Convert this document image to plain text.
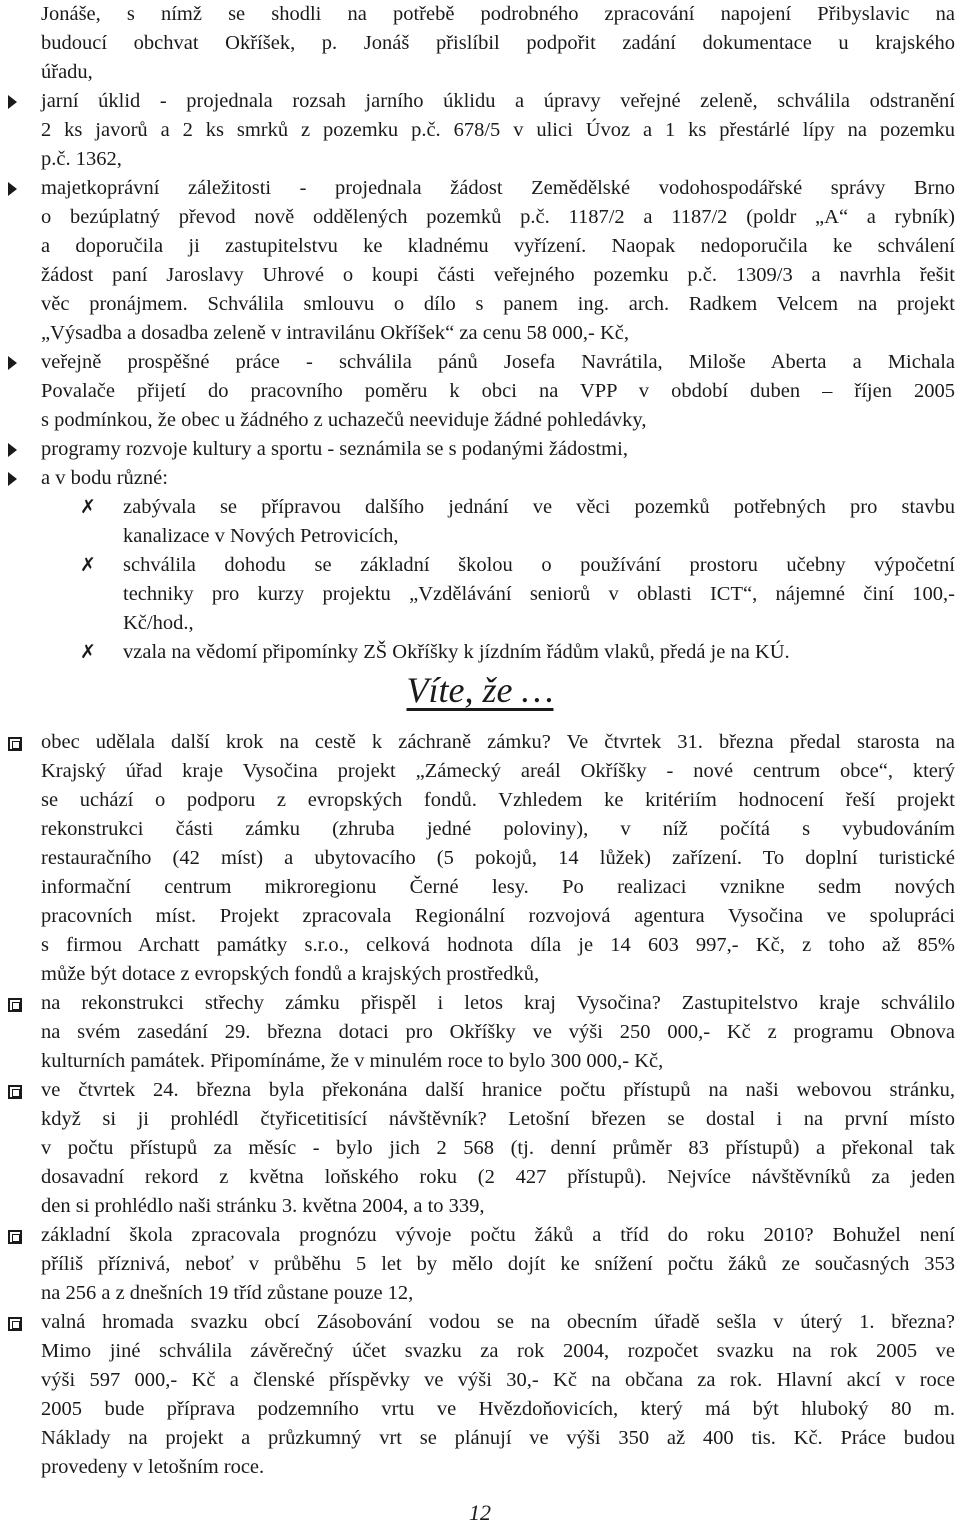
Víte, že …
12
Jonáše, s nímž se shodli na potřebě podrobného zpracování napojení Přibyslavic na
budoucí obchvat Okříšek, p. Jonáš přislíbil podpořit zadání dokumentace u krajského
úřadu,
jarní úklid - projednala rozsah jarního úklidu a úpravy veřejné zeleně, schválila odstranění
2 ks javorů a 2 ks smrků z pozemku p.č. 678/5 v ulici Úvoz a 1 ks přestárlé lípy na pozemku
p.č. 1362,
majetkoprávní záležitosti - projednala žádost Zemědělské vodohospodářské správy Brno
o bezúplatný převod nově oddělených pozemků p.č. 1187/2 a 1187/2 (poldr „A“ a rybník)
a doporučila ji zastupitelstvu ke kladnému vyřízení. Naopak nedoporučila ke schválení
žádost paní Jaroslavy Uhrové o koupi části veřejného pozemku p.č. 1309/3 a navrhla řešit
věc pronájmem. Schválila smlouvu o dílo s panem ing. arch. Radkem Velcem na projekt
„Výsadba a dosadba zeleně v intravilánu Okříšek“ za cenu 58 000,- Kč,
veřejně prospěšné práce - schválila pánů Josefa Navrátila, Miloše Aberta a Michala
Povalače přijetí do pracovního poměru k obci na VPP v období duben – říjen 2005
s podmínkou, že obec u žádného z uchazečů neeviduje žádné pohledávky,
programy rozvoje kultury a sportu - seznámila se s podanými žádostmi,
a v bodu různé:
✗ zabývala se přípravou dalšího jednání ve věci pozemků potřebných pro stavbu
kanalizace v Nových Petrovicích,
✗ schválila dohodu se základní školou o používání prostoru učebny výpočetní
techniky pro kurzy projektu „Vzdělávání seniorů v oblasti ICT“, nájemné činí 100,-
Kč/hod.,
✗ vzala na vědomí připomínky ZŠ Okříšky k jízdním řádům vlaků, předá je na KÚ.
obec udělala další krok na cestě k záchraně zámku? Ve čtvrtek 31. března předal starosta na
Krajský úřad kraje Vysočina projekt „Zámecký areál Okříšky - nové centrum obce“, který
se uchází o podporu z evropských fondů. Vzhledem ke kritériím hodnocení řeší projekt
rekonstrukci části zámku (zhruba jedné poloviny), v níž počítá s vybudováním
restauračního (42 míst) a ubytovacího (5 pokojů, 14 lůžek) zařízení. To doplní turistické
informační centrum mikroregionu Černé lesy. Po realizaci vznikne sedm nových
pracovních míst. Projekt zpracovala Regionální rozvojová agentura Vysočina ve spolupráci
s firmou Archatt památky s.r.o., celková hodnota díla je 14 603 997,- Kč, z toho až 85%
může být dotace z evropských fondů a krajských prostředků,
na rekonstrukci střechy zámku přispěl i letos kraj Vysočina? Zastupitelstvo kraje schválilo
na svém zasedání 29. března dotaci pro Okříšky ve výši 250 000,- Kč z programu Obnova
kulturních památek. Připomínáme, že v minulém roce to bylo 300 000,- Kč,
ve čtvrtek 24. března byla překonána další hranice počtu přístupů na naši webovou stránku,
když si ji prohlédl čtyřicetitisící návštěvník? Letošní březen se dostal i na první místo
v počtu přístupů za měsíc - bylo jich 2 568 (tj. denní průměr 83 přístupů) a překonal tak
dosavadní rekord z května loňského roku (2 427 přístupů). Nejvíce návštěvníků za jeden
den si prohlédlo naši stránku 3. května 2004, a to 339,
základní škola zpracovala prognózu vývoje počtu žáků a tříd do roku 2010? Bohužel není
příliš příznivá, neboť v průběhu 5 let by mělo dojít ke snížení počtu žáků ze současných 353
na 256 a z dnešních 19 tříd zůstane pouze 12,
valná hromada svazku obcí Zásobování vodou se na obecním úřadě sešla v úterý 1. března?
Mimo jiné schválila závěrečný účet svazku za rok 2004, rozpočet svazku na rok 2005 ve
výši 597 000,- Kč a členské příspěvky ve výši 30,- Kč na občana za rok. Hlavní akcí v roce
2005 bude příprava podzemního vrtu ve Hvězdoňovicích, který má být hluboký 80 m.
Náklady na projekt a průzkumný vrt se plánují ve výši 350 až 400 tis. Kč. Práce budou
provedeny v letošním roce.
